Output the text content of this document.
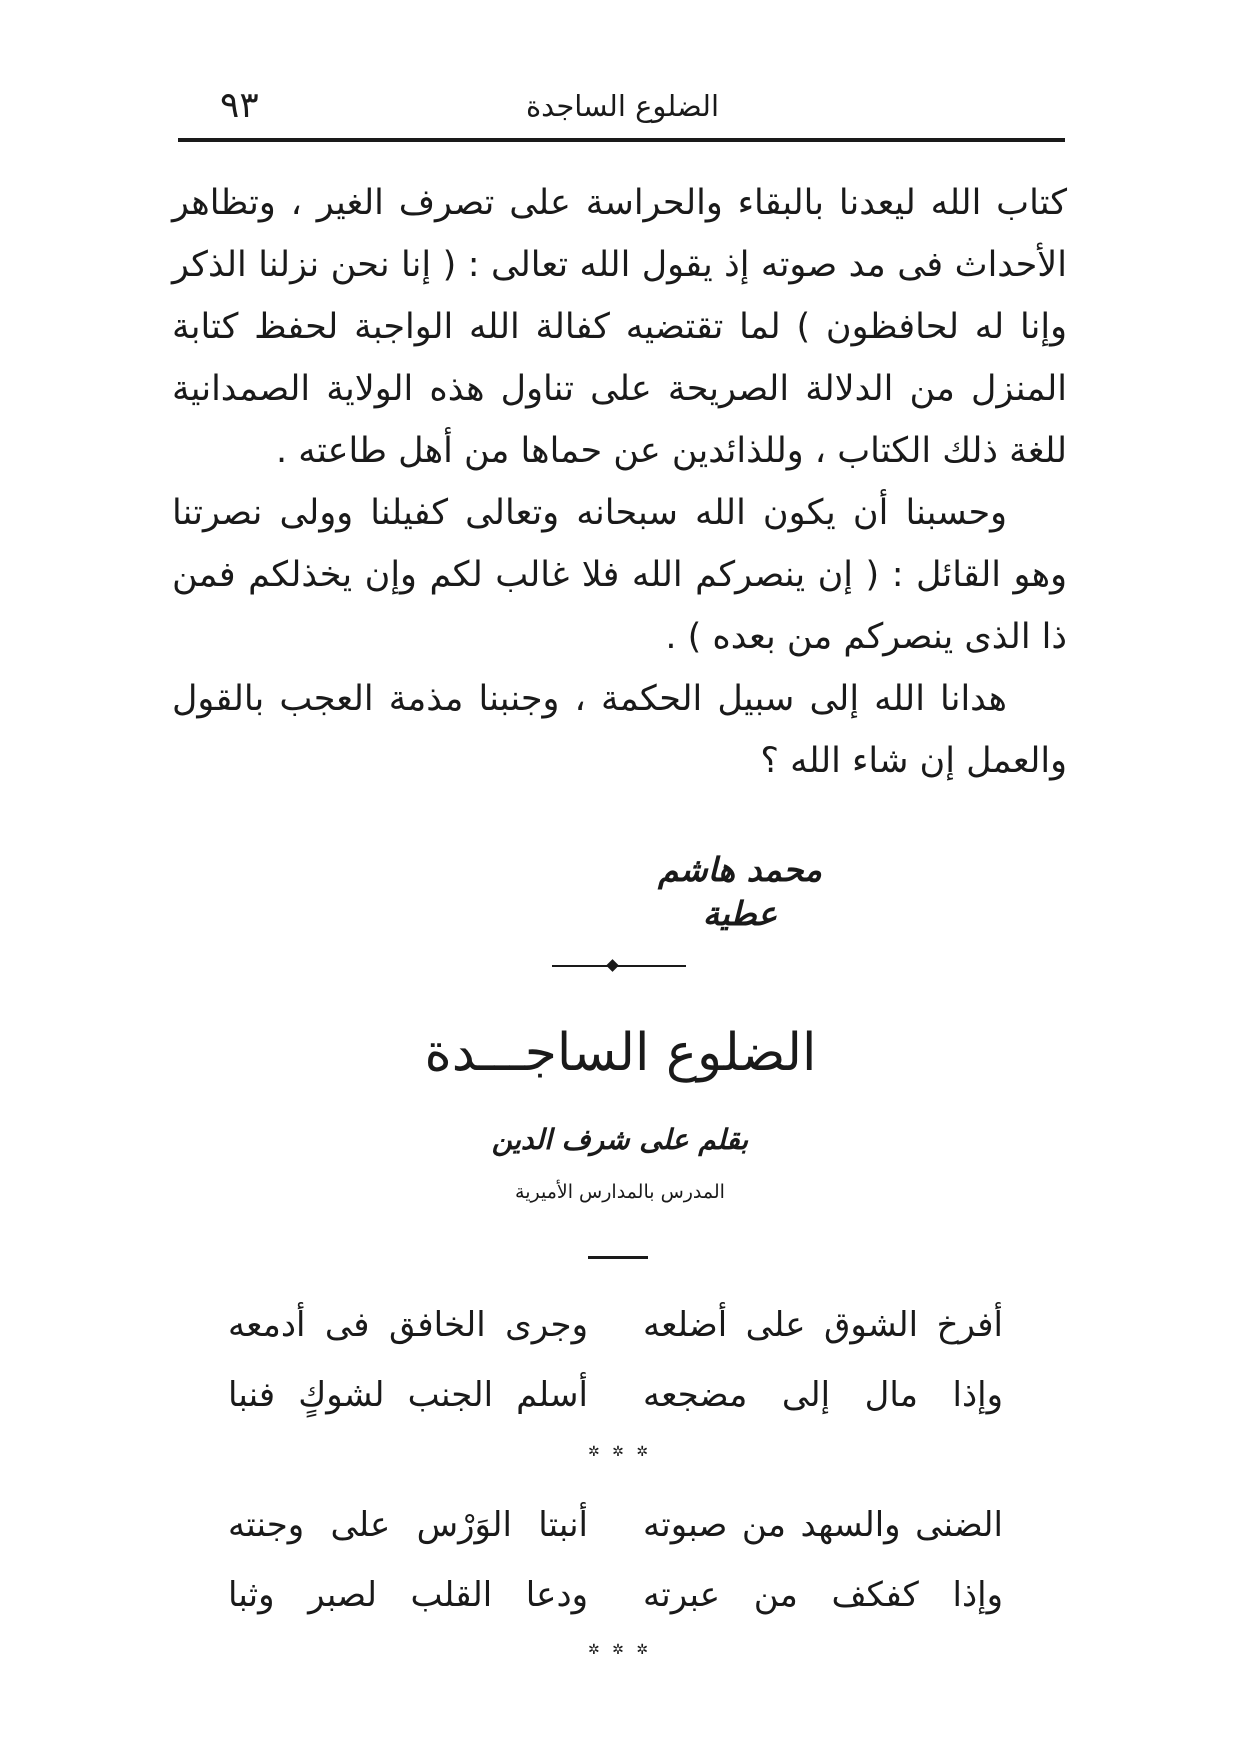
الضلوع الساجدة
٩٣

كتاب الله ليعدنا بالبقاء والحراسة على تصرف الغير ، وتظاهر الأحداث فى مد صوته إذ يقول الله تعالى : ( إنا نحن نزلنا الذكر وإنا له لحافظون ) لما تقتضيه كفالة الله الواجبة لحفظ كتابة المنزل من الدلالة الصريحة على تناول هذه الولاية الصمدانية للغة ذلك الكتاب ، وللذائدين عن حماها من أهل طاعته .

وحسبنا أن يكون الله سبحانه وتعالى كفيلنا وولى نصرتنا وهو القائل : ( إن ينصركم الله فلا غالب لكم وإن يخذلكم فمن ذا الذى ينصركم من بعده ) .

هدانا الله إلى سبيل الحكمة ، وجنبنا مذمة العجب بالقول والعمل إن شاء الله ؟

محمد هاشم عطية
الضلوع الساجـــدة
بقلم على شرف الدين
المدرس بالمدارس الأميرية
أفرخ الشوق على أضلعه
وجرى الخافق فى أدمعه
وإذا مال إلى مضجعه
أسلم الجنب لشوكٍ فنبا
✲ ✲ ✲
الضنى والسهد من صبوته
أنبتا الوَرْس على وجنته
وإذا كفكف من عبرته
ودعا القلب لصبر وثبا
✲ ✲ ✲
